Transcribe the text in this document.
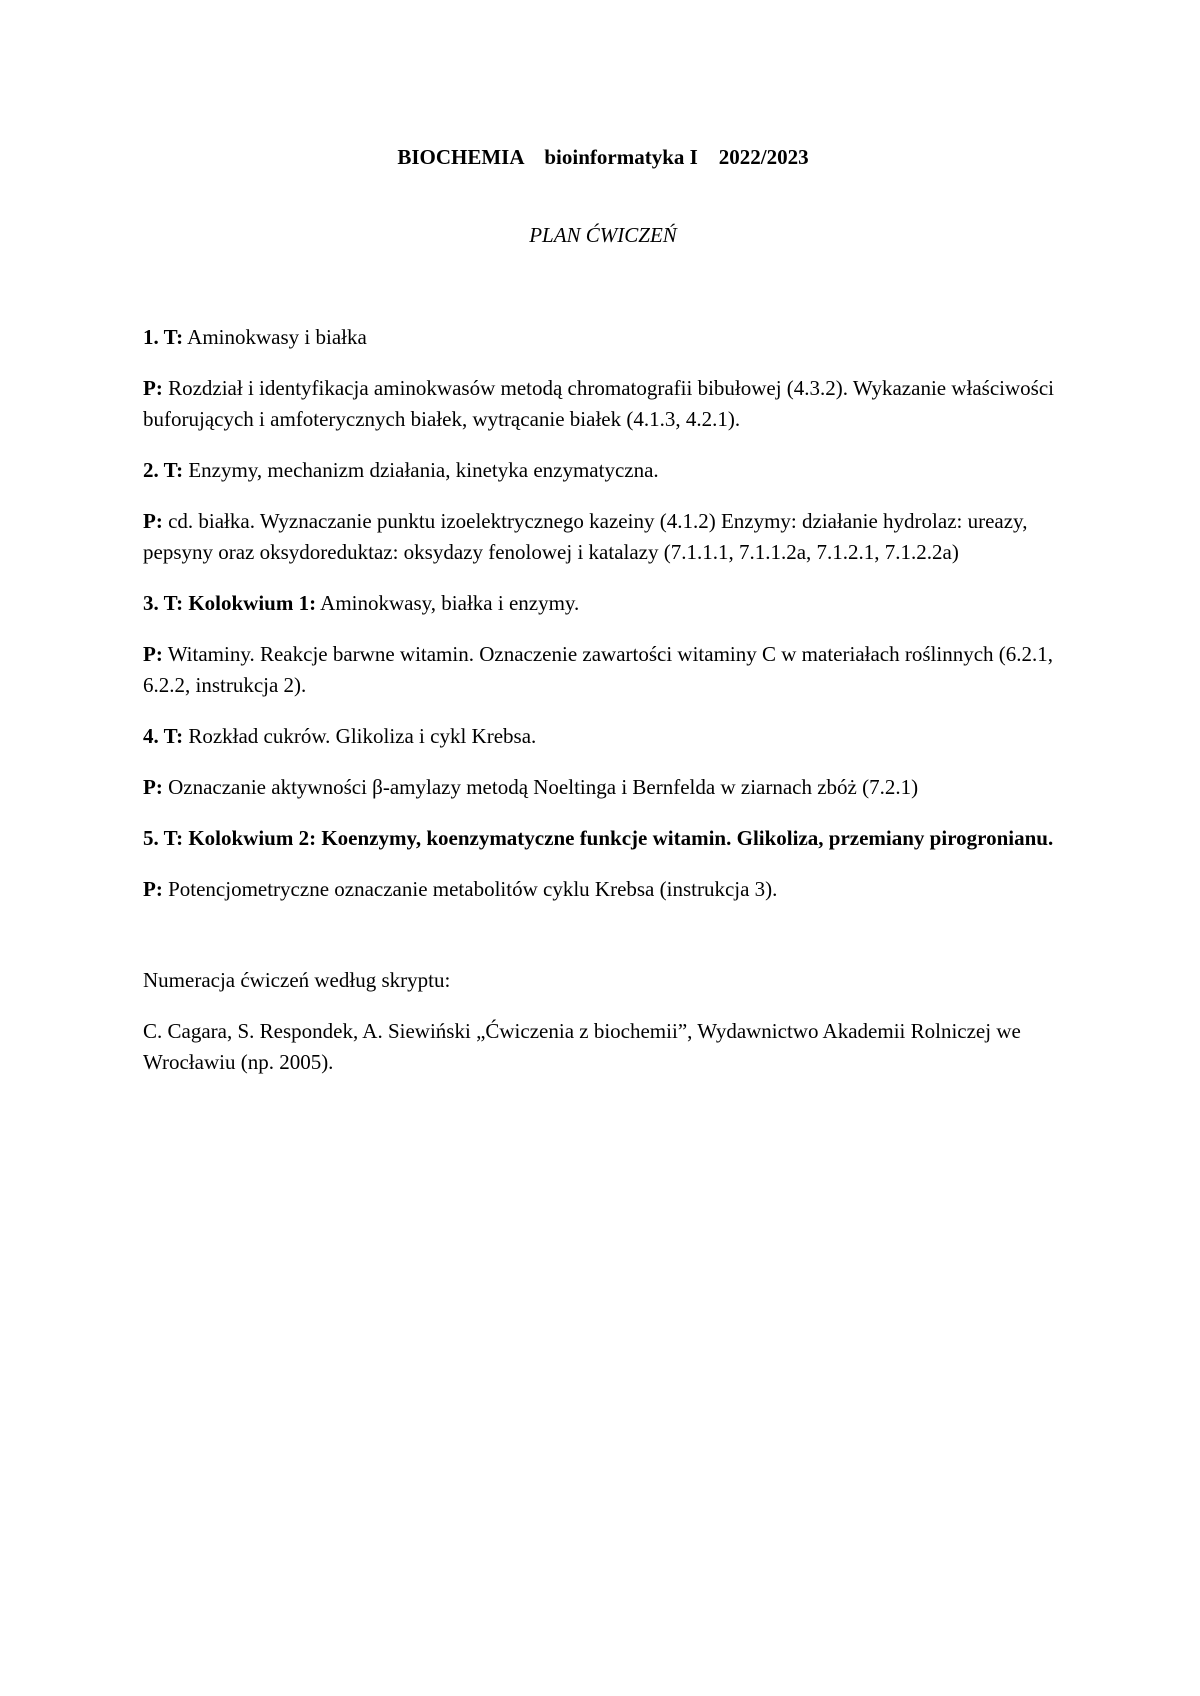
BIOCHEMIA    bioinformatyka I    2022/2023

PLAN ĆWICZEŃ

1. T: Aminokwasy i białka

P: Rozdział i identyfikacja aminokwasów metodą chromatografii bibułowej (4.3.2). Wykazanie właściwości buforujących i amfoterycznych białek, wytrącanie białek (4.1.3, 4.2.1).

2. T: Enzymy, mechanizm działania, kinetyka enzymatyczna.

P: cd. białka. Wyznaczanie punktu izoelektrycznego kazeiny (4.1.2) Enzymy: działanie hydrolaz: ureazy, pepsyny oraz oksydoreduktaz: oksydazy fenolowej i katalazy (7.1.1.1, 7.1.1.2a, 7.1.2.1, 7.1.2.2a)

3. T: Kolokwium 1: Aminokwasy, białka i enzymy.

P: Witaminy. Reakcje barwne witamin. Oznaczenie zawartości witaminy C w materiałach roślinnych (6.2.1, 6.2.2, instrukcja 2).

4. T: Rozkład cukrów. Glikoliza i cykl Krebsa.

P: Oznaczanie aktywności β-amylazy metodą Noeltinga i Bernfelda w ziarnach zbóż (7.2.1)

5. T: Kolokwium 2: Koenzymy, koenzymatyczne funkcje witamin. Glikoliza, przemiany pirogronianu.

P: Potencjometryczne oznaczanie metabolitów cyklu Krebsa (instrukcja 3).

Numeracja ćwiczeń według skryptu:

C. Cagara, S. Respondek, A. Siewiński „Ćwiczenia z biochemii”, Wydawnictwo Akademii Rolniczej we Wrocławiu (np. 2005).
